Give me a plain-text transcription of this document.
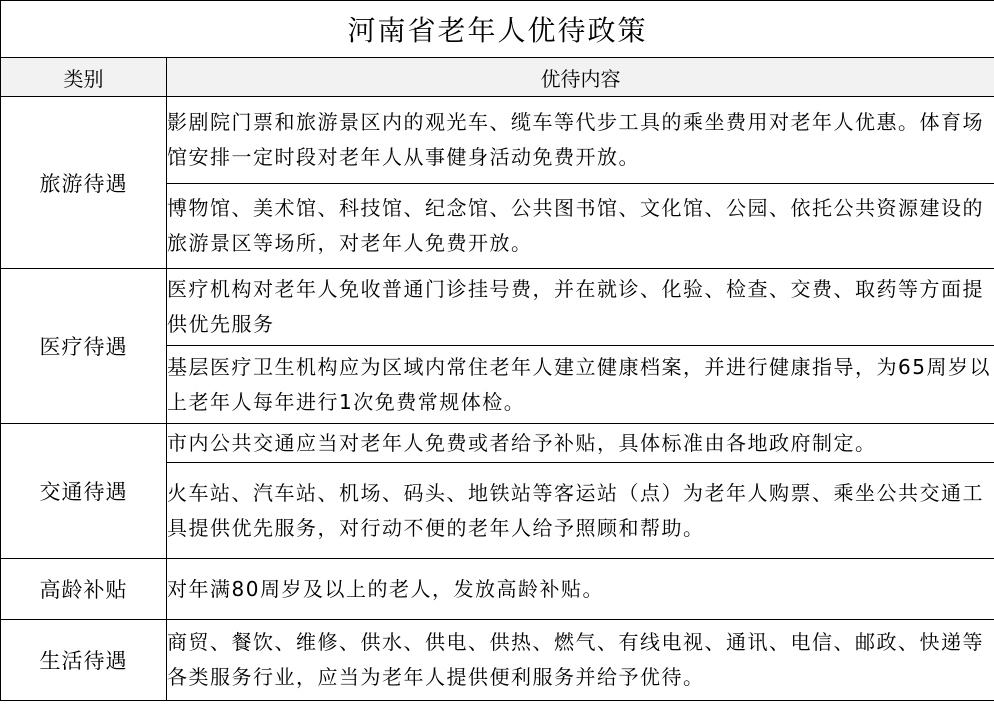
河南省老年人优待政策	
类别	优待内容
旅游待遇	影剧院门票和旅游景区内的观光车、缆车等代步工具的乘坐费用对老年人优惠。体育场馆安排一定时段对老年人从事健身活动免费开放。
	博物馆、美术馆、科技馆、纪念馆、公共图书馆、文化馆、公园、依托公共资源建设的旅游景区等场所，对老年人免费开放。
医疗待遇	医疗机构对老年人免收普通门诊挂号费，并在就诊、化验、检查、交费、取药等方面提供优先服务
	基层医疗卫生机构应为区域内常住老年人建立健康档案，并进行健康指导，为65周岁以上老年人每年进行1次免费常规体检。
交通待遇	市内公共交通应当对老年人免费或者给予补贴，具体标准由各地政府制定。
	火车站、汽车站、机场、码头、地铁站等客运站（点）为老年人购票、乘坐公共交通工具提供优先服务，对行动不便的老年人给予照顾和帮助。
高龄补贴	对年满80周岁及以上的老人，发放高龄补贴。
生活待遇	商贸、餐饮、维修、供水、供电、供热、燃气、有线电视、通讯、电信、邮政、快递等各类服务行业，应当为老年人提供便利服务并给予优待。
